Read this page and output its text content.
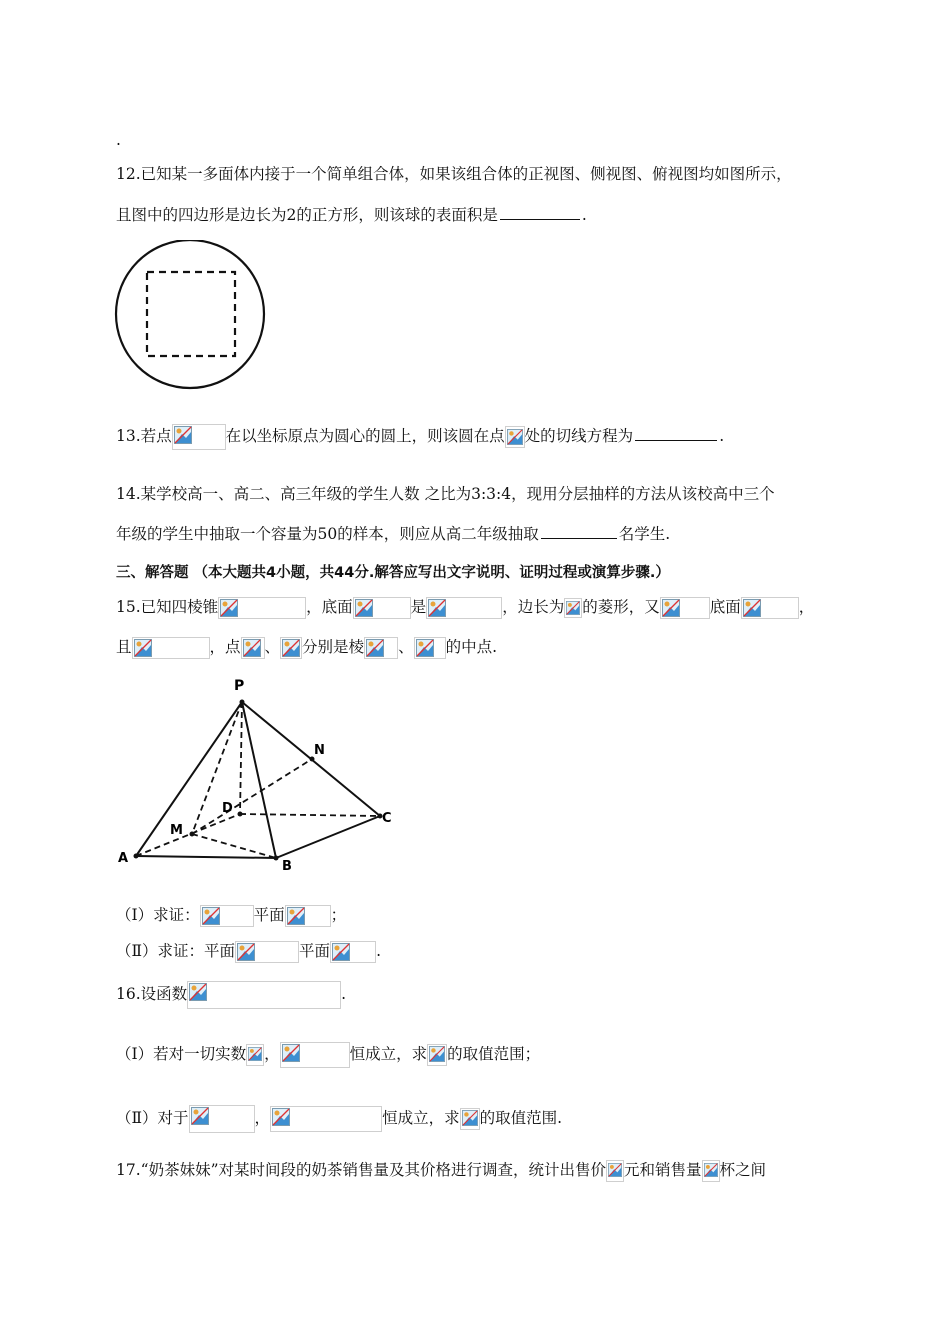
.
12.已知某一多面体内接于一个简单组合体，如果该组合体的正视图、侧视图、俯视图均如图所示，
且图中的四边形是边长为2的正方形，则该球的表面积是	.
13.若点	在以坐标原点为圆心的圆上，则该圆在点 处的切线方程为	.
14.某学校高一、高二、高三年级的学生人数 之比为3:3:4，现用分层抽样的方法从该校高中三个
年级的学生中抽取一个容量为50的样本，则应从高二年级抽取	名学生.
三、解答题 （本大题共4小题，共44分.解答应写出文字说明、证明过程或演算步骤.）
15.已知四棱锥	，底面	是	，边长为 的菱形，又	底面	，
且	，点 、 分别是棱 、 的中点.
P
N
D
C
M
A
B
（Ⅰ）求证：	平面	；
（Ⅱ）求证：平面	平面	.
16.设函数	.
（Ⅰ）若对一切实数 ，	恒成立，求 的取值范围；
（Ⅱ）对于	，	恒成立，求 的取值范围.
17.“奶茶妹妹”对某时间段的奶茶销售量及其价格进行调查，统计出售价 元和销售量 杯之间
